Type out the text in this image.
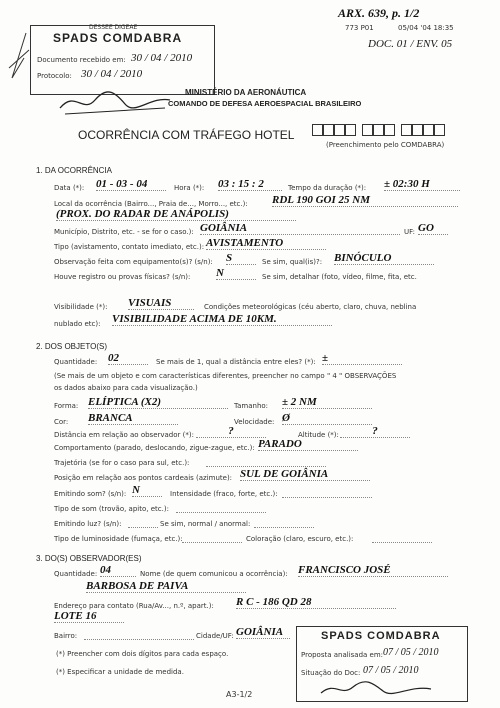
ARX. 639, p. 1/2
773 P01	05/04 '04 18:35
DOC. 01 / ENV. 05
DESSEE DIGEAE
SPADS COMDABRA
Documento recebido em: 30 / 04 / 2010
Protocolo: 30 / 04 / 2010
MINISTÉRIO DA AERONÁUTICA
COMANDO DE DEFESA AEROESPACIAL BRASILEIRO
OCORRÊNCIA COM TRÁFEGO HOTEL
(Preenchimento pelo COMDABRA)
1. DA OCORRÊNCIA
Data (*): 01 - 03 - 04	Hora (*): 03 : 15 : 2	Tempo da duração (*): ± 02:30 H
Local da ocorrência (Bairro..., Praia de..., Morro..., etc.): RDL 190 GOI 25 NM
(PROX. DO RADAR DE ANÁPOLIS)
Município, Distrito, etc. - se for o caso.): GOIÂNIA	UF: GO
Tipo (avistamento, contato imediato, etc.): AVISTAMENTO
Observação feita com equipamento(s)? (s/n): S	Se sim, qual(is)?: BINÓCULO
Houve registro ou provas físicas? (s/n): N	Se sim, detalhar (foto, vídeo, filme, fita, etc.
Visibilidade (*): VISUAIS	Condições meteorológicas (céu aberto, claro, chuva, neblina
nublado etc): VISIBILIDADE ACIMA DE 10KM.
2. DOS OBJETO(S)
Quantidade: 02	Se mais de 1, qual a distância entre eles? (*): ±
(Se mais de um objeto e com características diferentes, preencher no campo " 4 " OBSERVAÇÕES
os dados abaixo para cada visualização.)
Forma: ELÍPTICA (X2)	Tamanho: ± 2 NM
Cor: BRANCA	Velocidade: Ø
Distância em relação ao observador (*):	?	Altitude (*):	?
Comportamento (parado, deslocando, zigue-zague, etc.): PARADO
Trajetória (se for o caso para sul, etc.):
Posição em relação aos pontos cardeais (azimute): SUL DE GOIÂNIA
Emitindo som? (s/n): N	Intensidade (fraco, forte, etc.):
Tipo de som (trovão, apito, etc.):
Emitindo luz? (s/n):	Se sim, normal / anormal:
Tipo de luminosidade (fumaça, etc.):	Coloração (claro, escuro, etc.):
3. DO(S) OBSERVADOR(ES)
Quantidade: 04	Nome (de quem comunicou a ocorrência): FRANCISCO JOSÉ
BARBOSA DE PAIVA
Endereço para contato (Rua/Av..., n.º, apart.): R C - 186 QD 28
LOTE 16
Bairro:	Cidade/UF: GOIÂNIA
(*) Preencher com dois dígitos para cada espaço.
(*) Especificar a unidade de medida.
A3-1/2
SPADS COMDABRA
Proposta analisada em: 07 / 05 / 2010
Situação do Doc: 07 / 05 / 2010
